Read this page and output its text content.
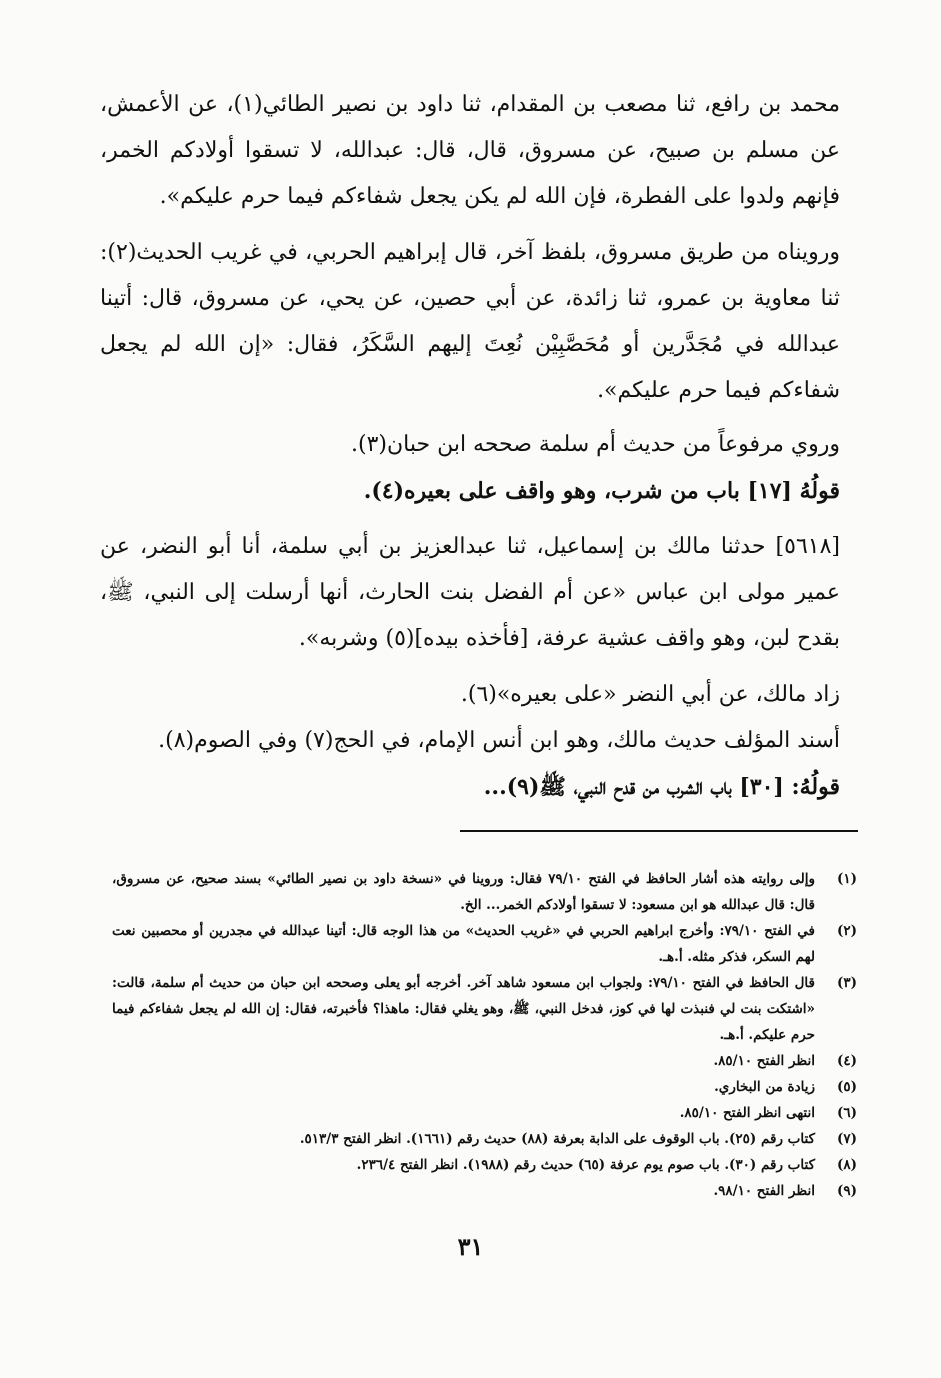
محمد بن رافع، ثنا مصعب بن المقدام، ثنا داود بن نصير الطائي(١)، عن الأعمش، عن مسلم بن صبيح، عن مسروق، قال، قال: عبدالله، لا تسقوا أولادكم الخمر، فإنهم ولدوا على الفطرة، فإن الله لم يكن يجعل شفاءكم فيما حرم عليكم».

ورويناه من طريق مسروق، بلفظ آخر، قال إبراهيم الحربي، في غريب الحديث(٢): ثنا معاوية بن عمرو، ثنا زائدة، عن أبي حصين، عن يحي، عن مسروق، قال: أتينا عبدالله في مُجَدَّرين أو مُحَصَّبِيْن نُعِتَ إليهم السَّكَرُ، فقال: «إن الله لم يجعل شفاءكم فيما حرم عليكم».

وروي مرفوعاً من حديث أم سلمة صححه ابن حبان(٣).

قولُهُ [١٧] باب من شرب، وهو واقف على بعيره(٤).

[٥٦١٨] حدثنا مالك بن إسماعيل، ثنا عبدالعزيز بن أبي سلمة، أنا أبو النضر، عن عمير مولى ابن عباس «عن أم الفضل بنت الحارث، أنها أرسلت إلى النبي، ﷺ، بقدح لبن، وهو واقف عشية عرفة، [فأخذه بيده](٥) وشربه».

زاد مالك، عن أبي النضر «على بعيره»(٦).

أسند المؤلف حديث مالك، وهو ابن أنس الإمام، في الحج(٧) وفي الصوم(٨).

قولُهُ: [٣٠] باب الشرب من قدح النبي، ﷺ(٩)...

(١)
وإلى روايته هذه أشار الحافظ في الفتح ٧٩/١٠ فقال: وروينا في «نسخة داود بن نصير الطائي» بسند صحيح، عن مسروق، قال: قال عبدالله هو ابن مسعود: لا تسقوا أولادكم الخمر... الخ.
(٢)
في الفتح ٧٩/١٠: وأخرج ابراهيم الحربي في «غريب الحديث» من هذا الوجه قال: أتينا عبدالله في مجدرين أو محصبين نعت لهم السكر، فذكر مثله. أ.هـ.
(٣)
قال الحافظ في الفتح ٧٩/١٠: ولجواب ابن مسعود شاهد آخر. أخرجه أبو يعلى وصححه ابن حبان من حديث أم سلمة، قالت: «اشتكت بنت لي فنبذت لها في كوز، فدخل النبي، ﷺ، وهو يغلي فقال: ماهذا؟ فأخبرته، فقال: إن الله لم يجعل شفاءكم فيما حرم عليكم. أ.هـ.
(٤)
انظر الفتح ٨٥/١٠.
(٥)
زيادة من البخاري.
(٦)
انتهى انظر الفتح ٨٥/١٠.
(٧)
كتاب رقم (٢٥). باب الوقوف على الدابة بعرفة (٨٨) حديث رقم (١٦٦١). انظر الفتح ٥١٣/٣.
(٨)
كتاب رقم (٣٠). باب صوم يوم عرفة (٦٥) حديث رقم (١٩٨٨). انظر الفتح ٢٣٦/٤.
(٩)
انظر الفتح ٩٨/١٠.
٣١
